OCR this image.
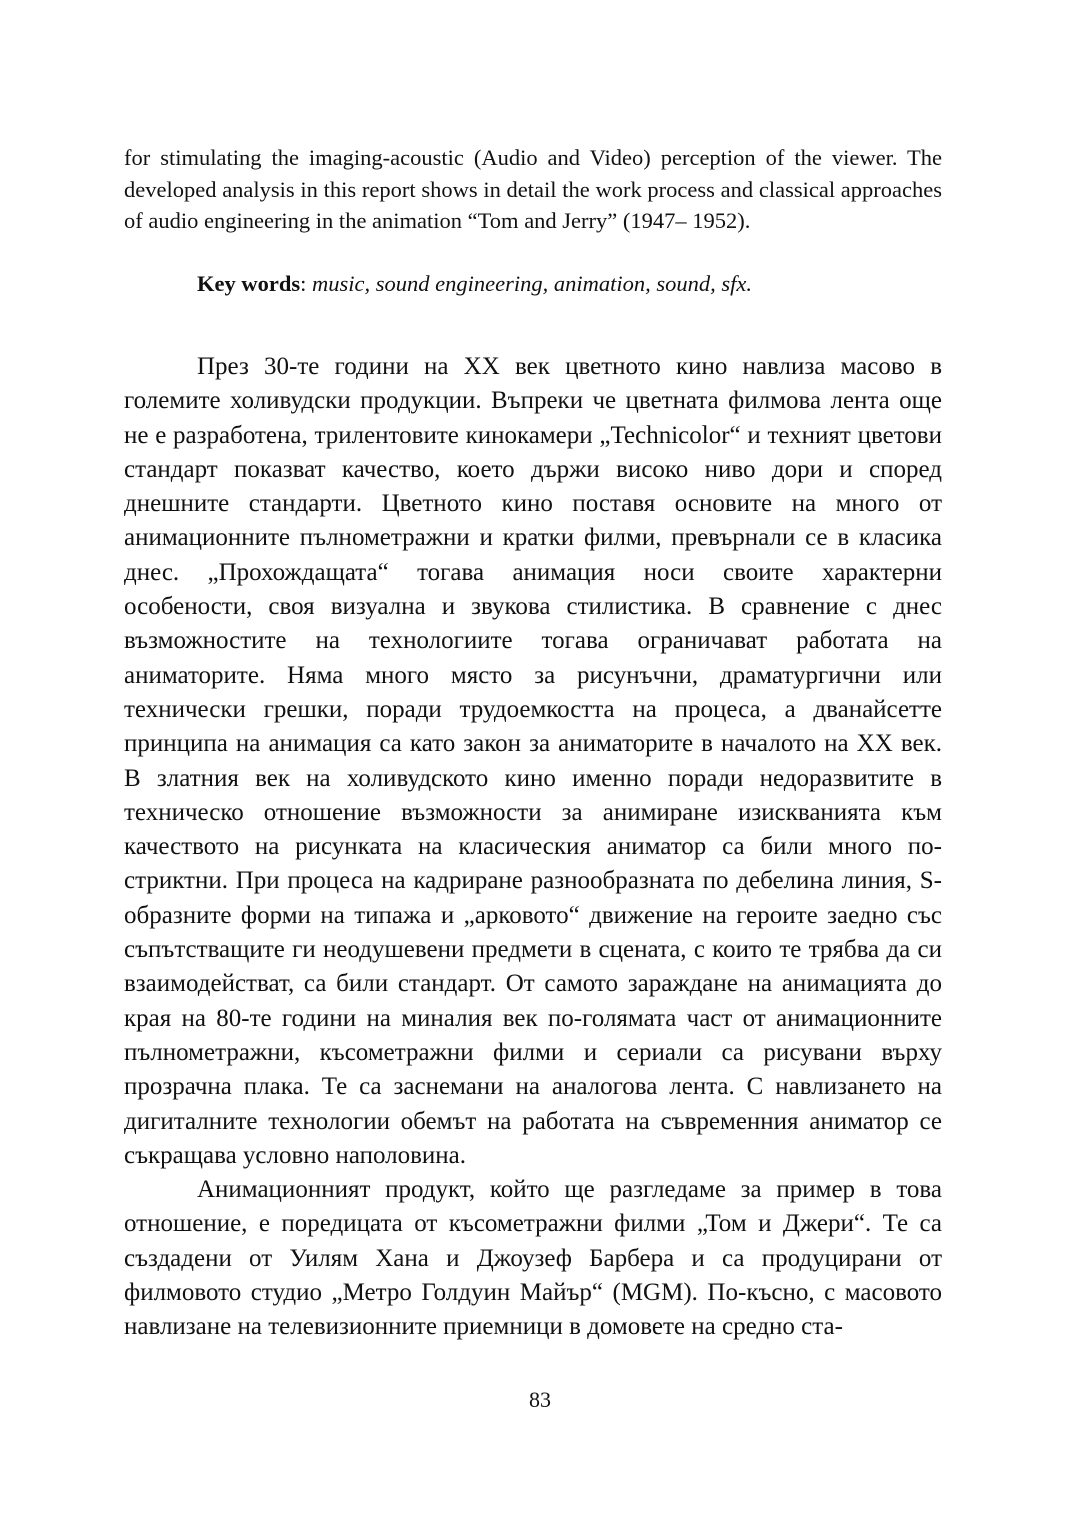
for stimulating the imaging-acoustic (Audio and Video) perception of the viewer. The developed analysis in this report shows in detail the work process and classical approaches of audio engineering in the animation “Tom and Jerry” (1947– 1952).

Key words: music, sound engineering, animation, sound, sfx.

През 30-те години на ХХ век цветното кино навлиза масово в големите холивудски продукции. Въпреки че цветната филмова лента още не е разработена, трилентовите кинокамери „Technicolor“ и техният цветови стандарт показват качество, което държи високо ниво дори и според днешните стандарти. Цветното кино поставя основите на много от анимационните пълнометражни и кратки филми, превърнали се в класика днес. „Прохождащата“ тогава анимация носи своите характерни особености, своя визуална и звукова стилистика. В сравнение с днес възможностите на технологиите тогава ограничават работата на аниматорите. Няма много място за рисунъчни, драматургични или технически грешки, поради трудоемкостта на процеса, а дванайсетте принципа на анимация са като закон за аниматорите в началото на ХХ век. В златния век на холивудското кино именно поради недоразвитите в техническо отношение възможности за анимиране изискванията към качеството на рисунката на класическия аниматор са били много по-стриктни. При процеса на кадриране разнообразната по дебелина линия, S-образните форми на типажа и „арковото“ движение на героите заедно със съпътстващите ги неодушевени предмети в сцената, с които те трябва да си взаимодействат, са били стандарт. От самото зараждане на анимацията до края на 80-те години на миналия век по-голямата част от анимационните пълнометражни, късометражни филми и сериали са рисувани върху прозрачна плака. Те са заснемани на аналогова лента. С навлизането на дигиталните технологии обемът на работата на съвременния аниматор се съкращава условно наполовина.

Анимационният продукт, който ще разгледаме за пример в това отношение, е поредицата от късометражни филми „Том и Джери“. Те са създадени от Уилям Хана и Джоузеф Барбера и са продуцирани от филмовото студио „Метро Голдуин Майър“ (MGM). По-късно, с масовото навлизане на телевизионните приемници в домовете на средно ста-

83
